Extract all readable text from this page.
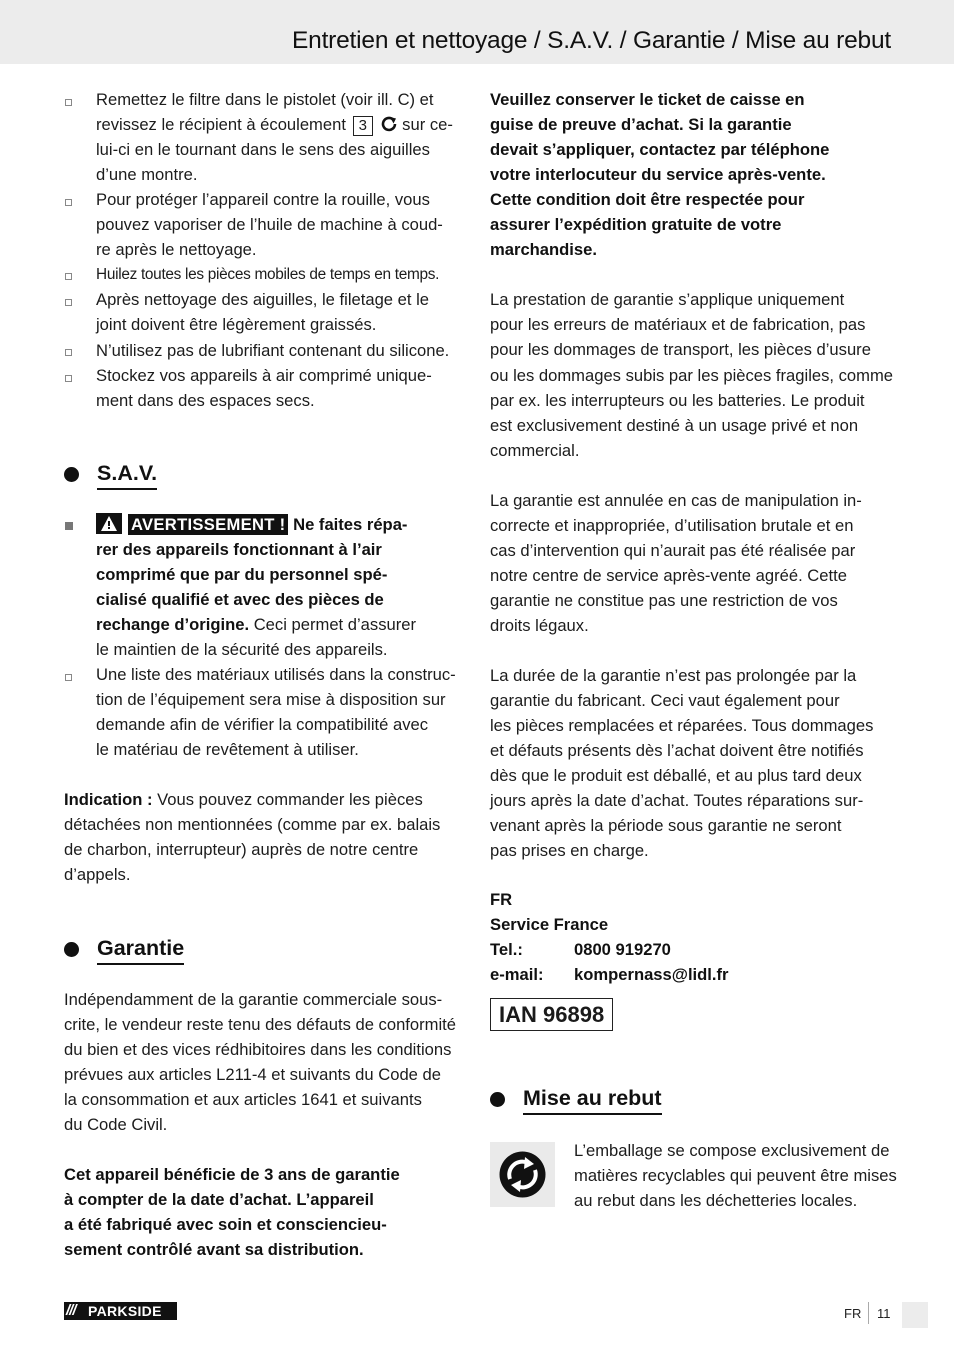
Entretien et nettoyage / S.A.V. / Garantie / Mise au rebut
Remettez le filtre dans le pistolet (voir ill. C) et
revissez le récipient à écoulement 3 sur ce-
lui-ci en le tournant dans le sens des aiguilles
d’une montre.
Pour protéger l’appareil contre la rouille, vous
pouvez vaporiser de l’huile de machine à coud-
re après le nettoyage.
Huilez toutes les pièces mobiles de temps en temps.
Après nettoyage des aiguilles, le filetage et le
joint doivent être légèrement graissés.
N’utilisez pas de lubrifiant contenant du silicone.
Stockez vos appareils à air comprimé unique-
ment dans des espaces secs.
S.A.V.
AVERTISSEMENT ! Ne faites répa-
rer des appareils fonctionnant à l’air
comprimé que par du personnel spé-
cialisé qualifié et avec des pièces de
rechange d’origine. Ceci permet d’assurer
le maintien de la sécurité des appareils.
Une liste des matériaux utilisés dans la construc-
tion de l’équipement sera mise à disposition sur
demande afin de vérifier la compatibilité avec
le matériau de revêtement à utiliser.
Indication : Vous pouvez commander les pièces
détachées non mentionnées (comme par ex. balais
de charbon, interrupteur) auprès de notre centre
d’appels.
Garantie
Indépendamment de la garantie commerciale sous-
crite, le vendeur reste tenu des défauts de conformité
du bien et des vices rédhibitoires dans les conditions
prévues aux articles L211-4 et suivants du Code de
la consommation et aux articles 1641 et suivants
du Code Civil.
Cet appareil bénéficie de 3 ans de garantie
à compter de la date d’achat. L’appareil
a été fabriqué avec soin et consciencieu-
sement contrôlé avant sa distribution.
Veuillez conserver le ticket de caisse en
guise de preuve d’achat. Si la garantie
devait s’appliquer, contactez par téléphone
votre interlocuteur du service après-vente.
Cette condition doit être respectée pour
assurer l’expédition gratuite de votre
marchandise.
La prestation de garantie s’applique uniquement
pour les erreurs de matériaux et de fabrication, pas
pour les dommages de transport, les pièces d’usure
ou les dommages subis par les pièces fragiles, comme
par ex. les interrupteurs ou les batteries. Le produit
est exclusivement destiné à un usage privé et non
commercial.
La garantie est annulée en cas de manipulation in-
correcte et inappropriée, d’utilisation brutale et en
cas d’intervention qui n’aurait pas été réalisée par
notre centre de service après-vente agréé. Cette
garantie ne constitue pas une restriction de vos
droits légaux.
La durée de la garantie n’est pas prolongée par la
garantie du fabricant. Ceci vaut également pour
les pièces remplacées et réparées. Tous dommages
et défauts présents dès l’achat doivent être notifiés
dès que le produit est déballé, et au plus tard deux
jours après la date d’achat. Toutes réparations sur-
venant après la période sous garantie ne seront
pas prises en charge.
FR
Service France
Tel.:	0800 919270
e-mail: kompernass@lidl.fr
IAN 96898
Mise au rebut
L’emballage se compose exclusivement de
matières recyclables qui peuvent être mises
au rebut dans les déchetteries locales.
/// PARKSIDE	FR 11
